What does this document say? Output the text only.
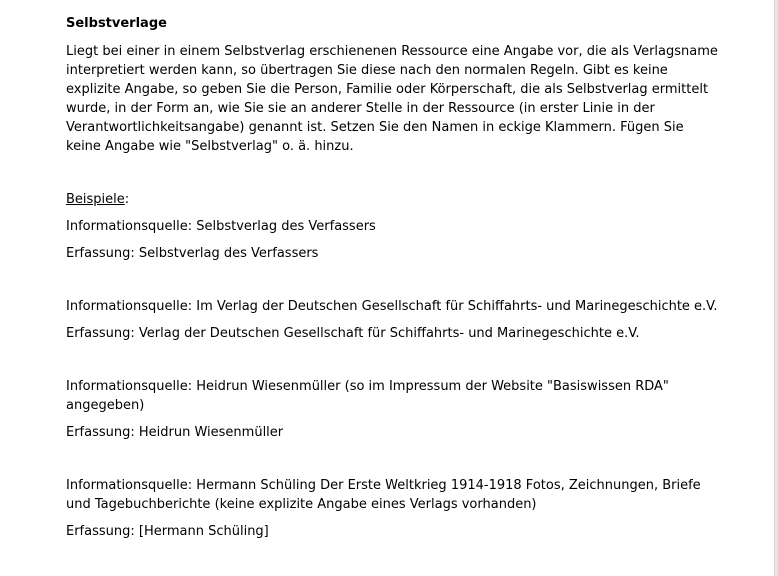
Selbstverlage

Liegt bei einer in einem Selbstverlag erschienenen Ressource eine Angabe vor, die als Verlagsname interpretiert werden kann, so übertragen Sie diese nach den normalen Regeln. Gibt es keine explizite Angabe, so geben Sie die Person, Familie oder Körperschaft, die als Selbstverlag ermittelt wurde, in der Form an, wie Sie sie an anderer Stelle in der Ressource (in erster Linie in der Verantwortlichkeitsangabe) genannt ist. Setzen Sie den Namen in eckige Klammern. Fügen Sie keine Angabe wie "Selbstverlag" o. ä. hinzu.

Beispiele:
Informationsquelle: Selbstverlag des Verfassers
Erfassung: Selbstverlag des Verfassers
Informationsquelle: Im Verlag der Deutschen Gesellschaft für Schiffahrts- und Marinegeschichte e.V.
Erfassung: Verlag der Deutschen Gesellschaft für Schiffahrts- und Marinegeschichte e.V.
Informationsquelle: Heidrun Wiesenmüller (so im Impressum der Website "Basiswissen RDA" angegeben)
Erfassung: Heidrun Wiesenmüller
Informationsquelle: Hermann Schüling Der Erste Weltkrieg 1914-1918 Fotos, Zeichnungen, Briefe und Tagebuchberichte (keine explizite Angabe eines Verlags vorhanden)
Erfassung: [Hermann Schüling]
